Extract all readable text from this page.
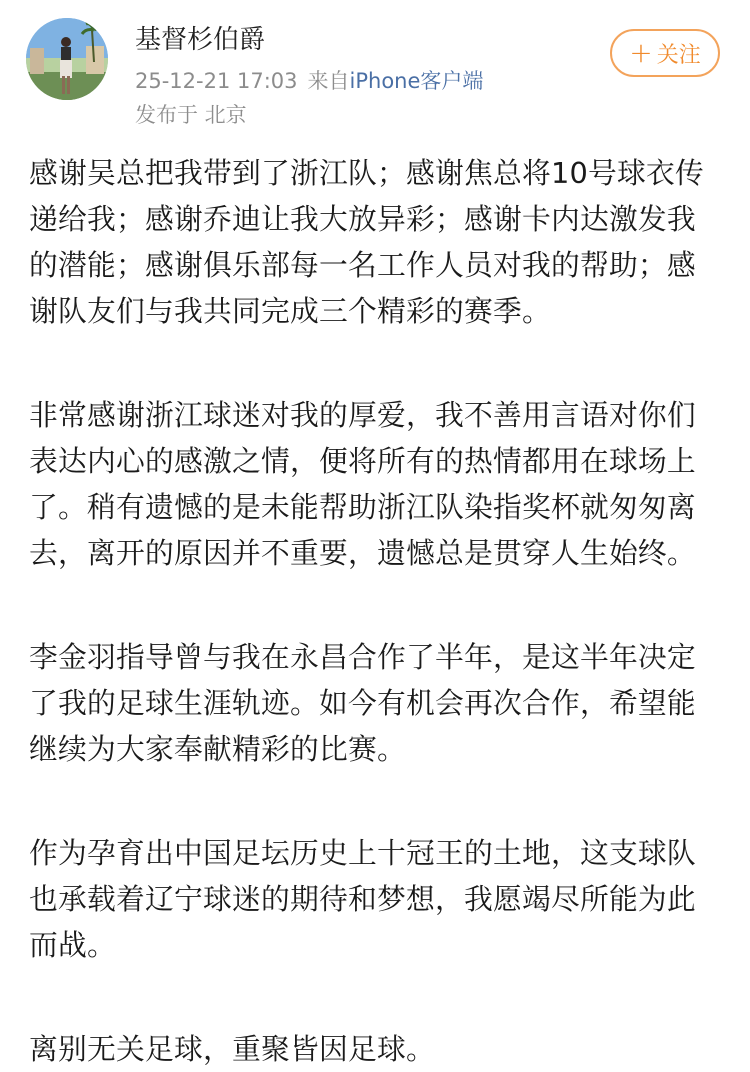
基督杉伯爵
25-12-21 17:03 来自iPhone客户端
发布于 北京
+ 关注

感谢吴总把我带到了浙江队；感谢焦总将10号球衣传递给我；感谢乔迪让我大放异彩；感谢卡内达激发我的潜能；感谢俱乐部每一名工作人员对我的帮助；感谢队友们与我共同完成三个精彩的赛季。

非常感谢浙江球迷对我的厚爱，我不善用言语对你们表达内心的感激之情，便将所有的热情都用在球场上了。稍有遗憾的是未能帮助浙江队染指奖杯就匆匆离去，离开的原因并不重要，遗憾总是贯穿人生始终。

李金羽指导曾与我在永昌合作了半年，是这半年决定了我的足球生涯轨迹。如今有机会再次合作，希望能继续为大家奉献精彩的比赛。

作为孕育出中国足坛历史上十冠王的土地，这支球队也承载着辽宁球迷的期待和梦想，我愿竭尽所能为此而战。

离别无关足球，重聚皆因足球。
